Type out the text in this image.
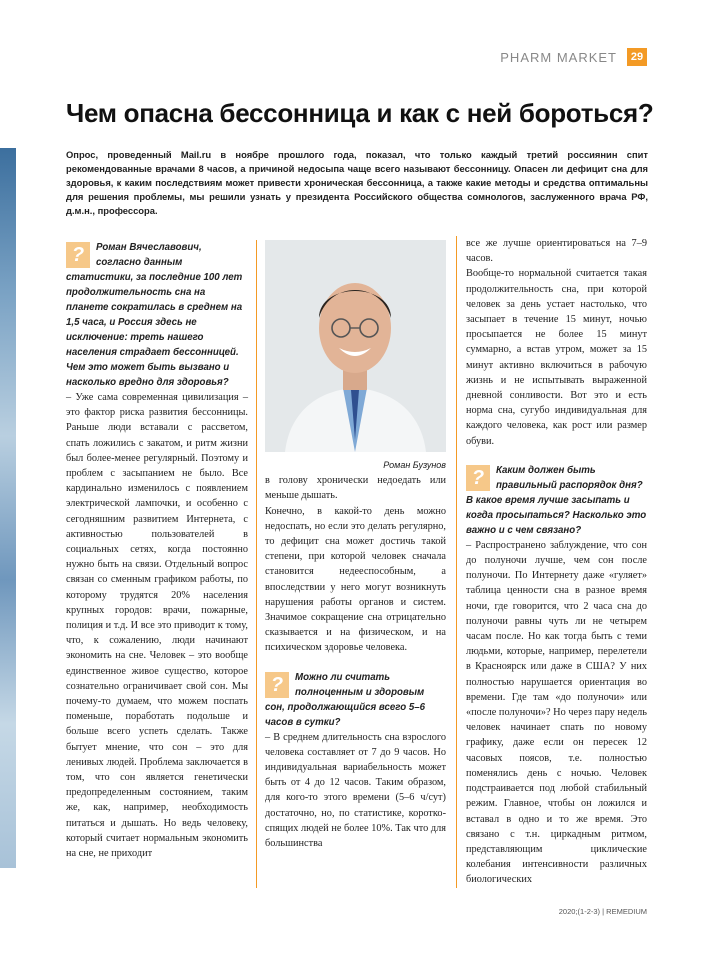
PHARM MARKET	29
Чем опасна бессонница и как с ней бороться?

Опрос, проведенный Mail.ru в ноябре прошлого года, показал, что только каждый третий россиянин спит рекомендованные врачами 8 часов, а причиной недосыпа чаще всего называют бессонницу. Опасен ли дефицит сна для здоровья, к каким последствиям может привести хроническая бессонница, а также какие методы и средства оптимальны для решения проблемы, мы решили узнать у президента Российского общества сомнологов, заслуженного врача РФ, д.м.н., профессора.

?	Роман Вячеславович, согласно данным статистики, за последние 100 лет продолжительность сна на планете сократилась в среднем на 1,5 часа, и Россия здесь не исключение: треть нашего населения страдает бессонницей. Чем это может быть вызвано и насколько вредно для здоровья?

– Уже сама современная цивилизация – это фактор риска развития бессонницы. Раньше люди вставали с рассветом, спать ложились с закатом, и ритм жизни был более-менее регулярный. Поэтому и проблем с засыпанием не было. Все кардинально изменилось с появлением электрической лампочки, и особенно с сегодняшним развитием Интернета, с активностью пользователей в социальных сетях, когда постоянно нужно быть на связи. Отдельный вопрос связан со сменным графиком работы, по которому трудятся 20% населения крупных городов: врачи, пожарные, полиция и т.д. И все это приводит к тому, что, к сожалению, люди начинают экономить на сне. Человек – это вообще единственное живое существо, которое сознательно ограничивает свой сон. Мы почему-то думаем, что можем поспать поменьше, поработать подольше и больше всего успеть сделать. Также бытует мнение, что сон – это для ленивых людей. Проблема заключается в том, что сон является генетически предопределенным состоянием, таким же, как, например, необходимость питаться и дышать. Но ведь человеку, который считает нормальным экономить на сне, не приходит

Роман Бузунов

в голову хронически недоедать или меньше дышать.

Конечно, в какой-то день можно недоспать, но если это делать регулярно, то дефицит сна может достичь такой степени, при которой человек сначала становится недееспособным, а впоследствии у него могут возникнуть нарушения работы органов и систем. Значимое сокращение сна отрицательно сказывается и на физическом, и на психическом здоровье человека.

?	Можно ли считать полноценным и здоровым сон, продолжающийся всего 5–6 часов в сутки?

– В среднем длительность сна взрослого человека составляет от 7 до 9 часов. Но индивидуальная вариабельность может быть от 4 до 12 часов. Таким образом, для кого-то этого времени (5–6 ч/сут) достаточно, но, по статистике, короткоспящих людей не более 10%. Так что для большинства

все же лучше ориентироваться на 7–9 часов.

Вообще-то нормальной считается такая продолжительность сна, при которой человек за день устает настолько, что засыпает в течение 15 минут, ночью просыпается не более 15 минут суммарно, а встав утром, может за 15 минут активно включиться в рабочую жизнь и не испытывать выраженной дневной сонливости. Вот это и есть норма сна, сугубо индивидуальная для каждого человека, как рост или размер обуви.

?	Каким должен быть правильный распорядок дня? В какое время лучше засыпать и когда просыпаться? Насколько это важно и с чем связано?

– Распространено заблуждение, что сон до полуночи лучше, чем сон после полуночи. По Интернету даже «гуляет» таблица ценности сна в разное время ночи, где говорится, что 2 часа сна до полуночи равны чуть ли не четырем часам после. Но как тогда быть с теми людьми, которые, например, перелетели в Красноярск или даже в США? У них полностью нарушается ориентация во времени. Где там «до полуночи» или «после полуночи»? Но через пару недель человек начинает спать по новому графику, даже если он пересек 12 часовых поясов, т.е. полностью поменялись день с ночью. Человек подстраивается под любой стабильный режим. Главное, чтобы он ложился и вставал в одно и то же время. Это связано с т.н. циркадным ритмом, представляющим циклические колебания интенсивности различных биологических

2020;(1-2-3) | REMEDIUM
